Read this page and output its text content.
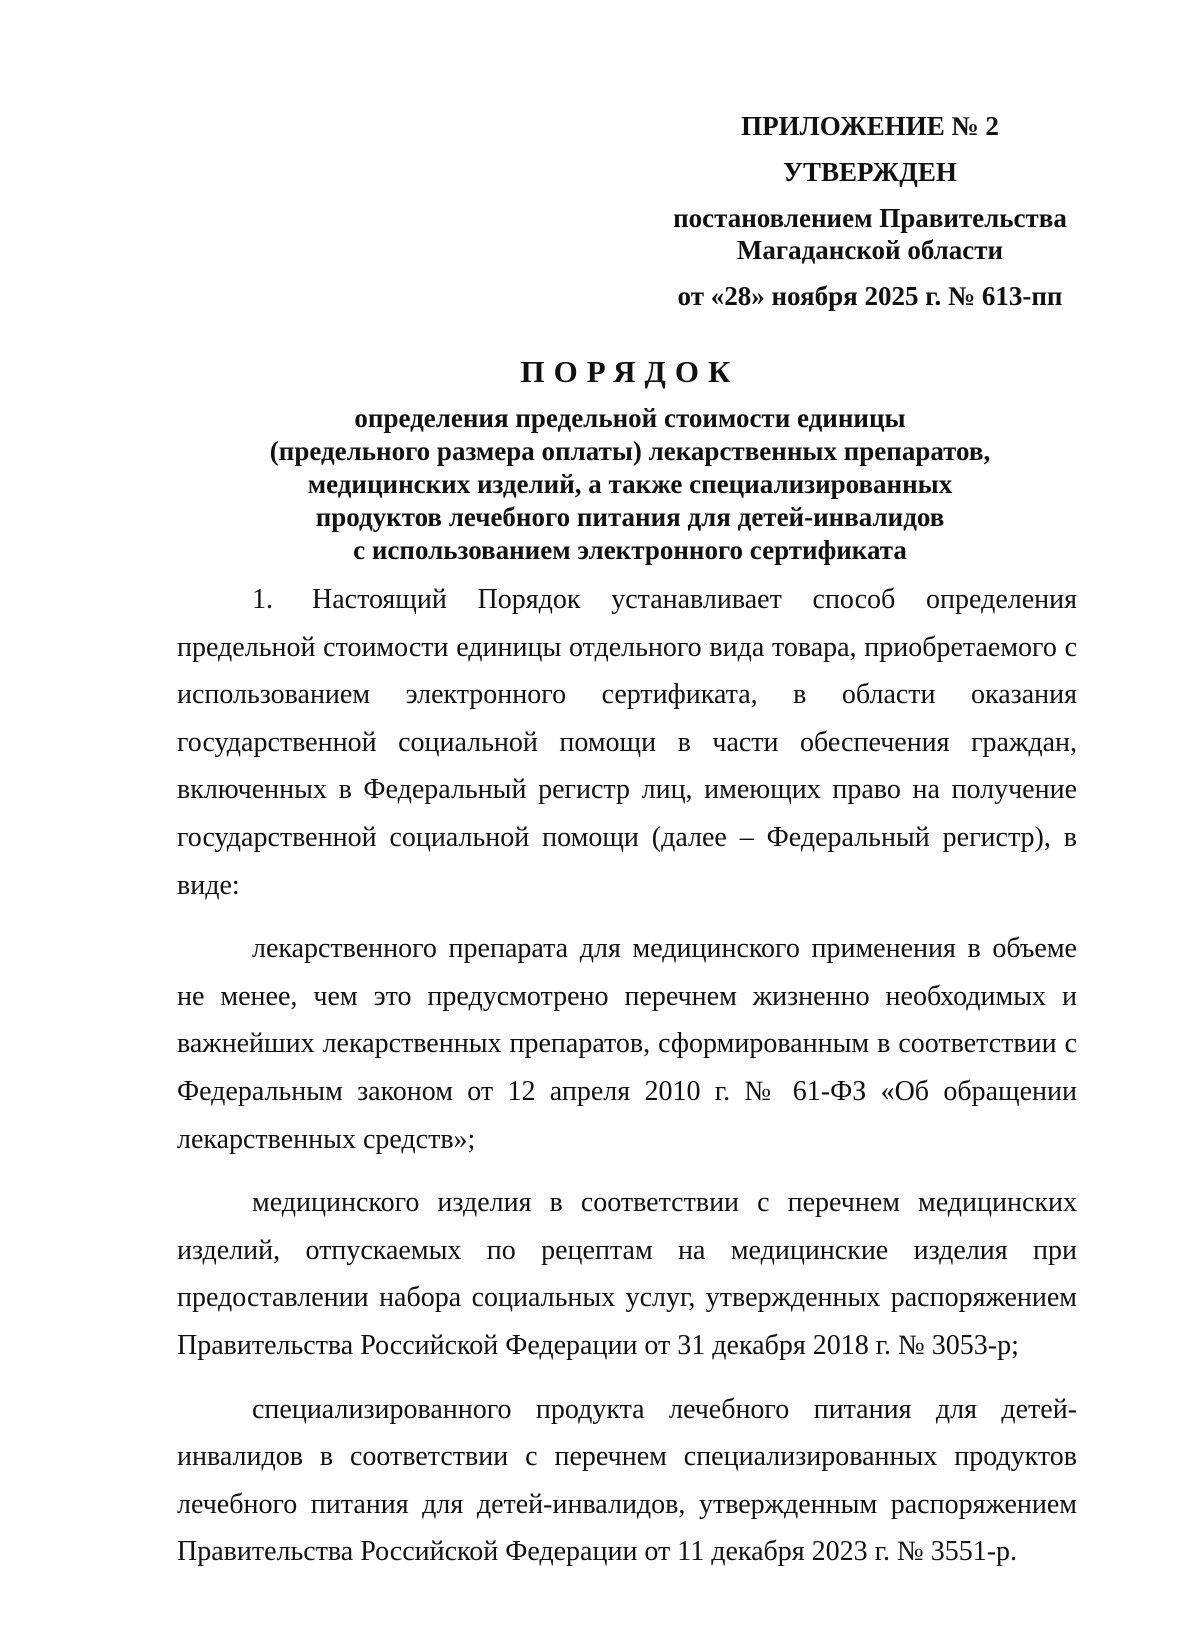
ПРИЛОЖЕНИЕ № 2
УТВЕРЖДЕН
постановлением Правительства
Магаданской области
от «28» ноября 2025 г. № 613-пп
ПОРЯДОК
определения предельной стоимости единицы
(предельного размера оплаты) лекарственных препаратов,
медицинских изделий, а также специализированных
продуктов лечебного питания для детей-инвалидов
с использованием электронного сертификата

1. Настоящий Порядок устанавливает способ определения предельной стоимости единицы отдельного вида товара, приобретаемого с использованием электронного сертификата, в области оказания государственной социальной помощи в части обеспечения граждан, включенных в Федеральный регистр лиц, имеющих право на получение государственной социальной помощи (далее – Федеральный регистр), в виде:

лекарственного препарата для медицинского применения в объеме не менее, чем это предусмотрено перечнем жизненно необходимых и важнейших лекарственных препаратов, сформированным в соответствии с Федеральным законом от 12 апреля 2010 г. № 61-ФЗ «Об обращении лекарственных средств»;

медицинского изделия в соответствии с перечнем медицинских изделий, отпускаемых по рецептам на медицинские изделия при предоставлении набора социальных услуг, утвержденных распоряжением Правительства Российской Федерации от 31 декабря 2018 г. № 3053-р;

специализированного продукта лечебного питания для детей-инвалидов в соответствии с перечнем специализированных продуктов лечебного питания для детей-инвалидов, утвержденным распоряжением Правительства Российской Федерации от 11 декабря 2023 г. № 3551-р.
